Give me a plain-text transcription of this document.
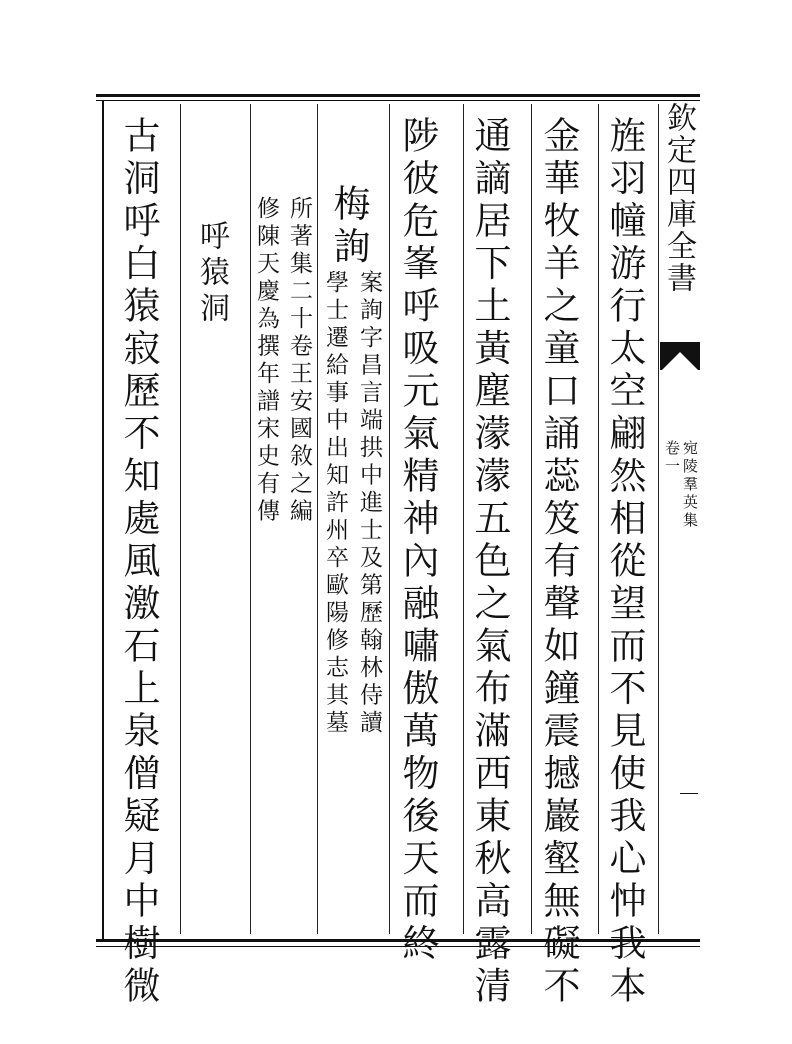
欽定四庫全書
卷一 宛陵羣英集
旌羽幢游行太空翩然相從望而不見使我心忡我本
金華牧羊之童口誦蕊笈有聲如鐘震撼巖壑無礙不
通謫居下土黃塵濛濛五色之氣布滿西東秋高露清
陟彼危峯呼吸元氣精神內融嘯傲萬物後天而終
梅詢
案詢字昌言端拱中進士及第歷翰林侍讀
學士遷給事中出知許州卒歐陽修志其墓
所著集二十卷王安國敘之編
修陳天慶為撰年譜宋史有傳
呼猿洞
古洞呼白猿寂歷不知處風激石上泉僧疑月中樹微
